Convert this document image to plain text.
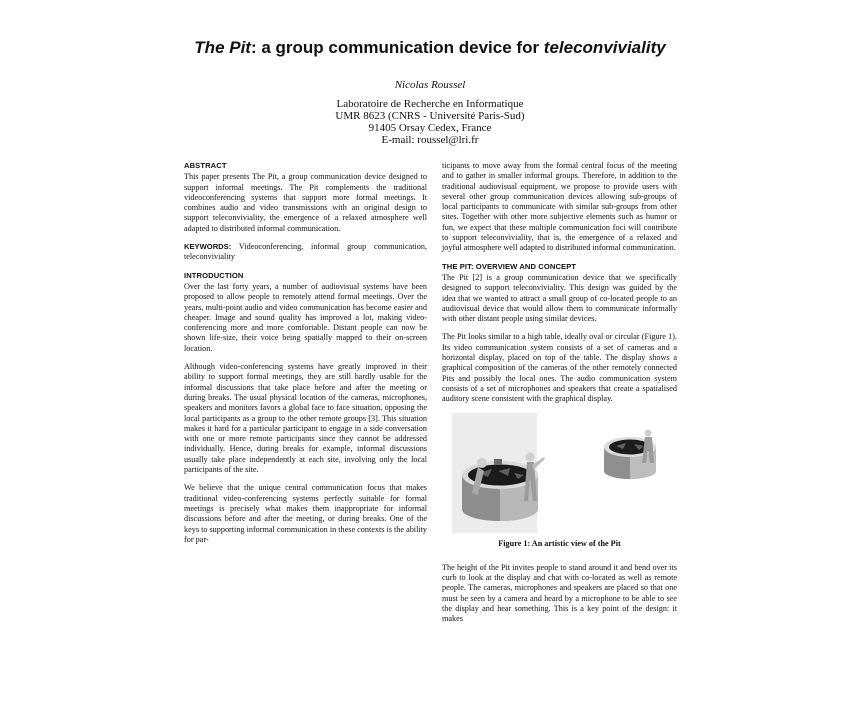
The Pit: a group communication device for teleconviviality
Nicolas Roussel
Laboratoire de Recherche en Informatique
UMR 8623 (CNRS - Université Paris-Sud)
91405 Orsay Cedex, France
E-mail: roussel@lri.fr
ABSTRACT

This paper presents The Pit, a group communication device designed to support informal meetings. The Pit complements the traditional videoconferencing systems that support more formal meetings. It combines audio and video transmissions with an original design to support teleconviviality, the emergence of a relaxed atmosphere well adapted to distributed informal communication.

KEYWORDS: Videoconferencing, informal group communication, teleconviviality

INTRODUCTION

Over the last forty years, a number of audiovisual systems have been proposed to allow people to remotely attend formal meetings. Over the years, multi-point audio and video communication has become easier and cheaper. Image and sound quality has improved a lot, making video-conferencing more and more comfortable. Distant people can now be shown life-size, their voice being spatially mapped to their on-screen location.

Although video-conferencing systems have greatly improved in their ability to support formal meetings, they are still hardly usable for the informal discussions that take place before and after the meeting or during breaks. The usual physical location of the cameras, microphones, speakers and monitors favors a global face to face situation, opposing the local participants as a group to the other remote groups [3]. This situation makes it hard for a particular participant to engage in a side conversation with one or more remote participants since they cannot be addressed individually. Hence, during breaks for example, informal discussions usually take place independently at each site, involving only the local participants of the site.

We believe that the unique central communication focus that makes traditional video-conferencing systems perfectly suitable for formal meetings is precisely what makes them inappropriate for informal discussions before and after the meeting, or during breaks. One of the keys to supporting informal communication in these contexts is the ability for par-

ticipants to move away from the formal central focus of the meeting and to gather in smaller informal groups. Therefore, in addition to the traditional audiovisual equipment, we propose to provide users with several other group communication devices allowing sub-groups of local participants to communicate with similar sub-groups from other sites. Together with other more subjective elements such as humor or fun, we expect that these multiple communication foci will contribute to support teleconviviality, that is, the emergence of a relaxed and joyful atmosphere well adapted to distributed informal communication.

THE PIT: OVERVIEW AND CONCEPT

The Pit [2] is a group communication device that we specifically designed to support teleconviviality. This design was guided by the idea that we wanted to attract a small group of co-located people to an audiovisual device that would allow them to communicate informally with other distant people using similar devices.

The Pit looks similar to a high table, ideally oval or circular (Figure 1). Its video communication system consists of a set of cameras and a horizontal display, placed on top of the table. The display shows a graphical composition of the cameras of the other remotely connected Pits and possibly the local ones. The audio communication system consists of a set of microphones and speakers that create a spatialised auditory scene consistent with the graphical display.

Figure 1: An artistic view of the Pit

The height of the Pit invites people to stand around it and bend over its curb to look at the display and chat with co-located as well as remote people. The cameras, microphones and speakers are placed so that one must be seen by a camera and heard by a microphone to be able to see the display and hear something. This is a key point of the design: it makes
